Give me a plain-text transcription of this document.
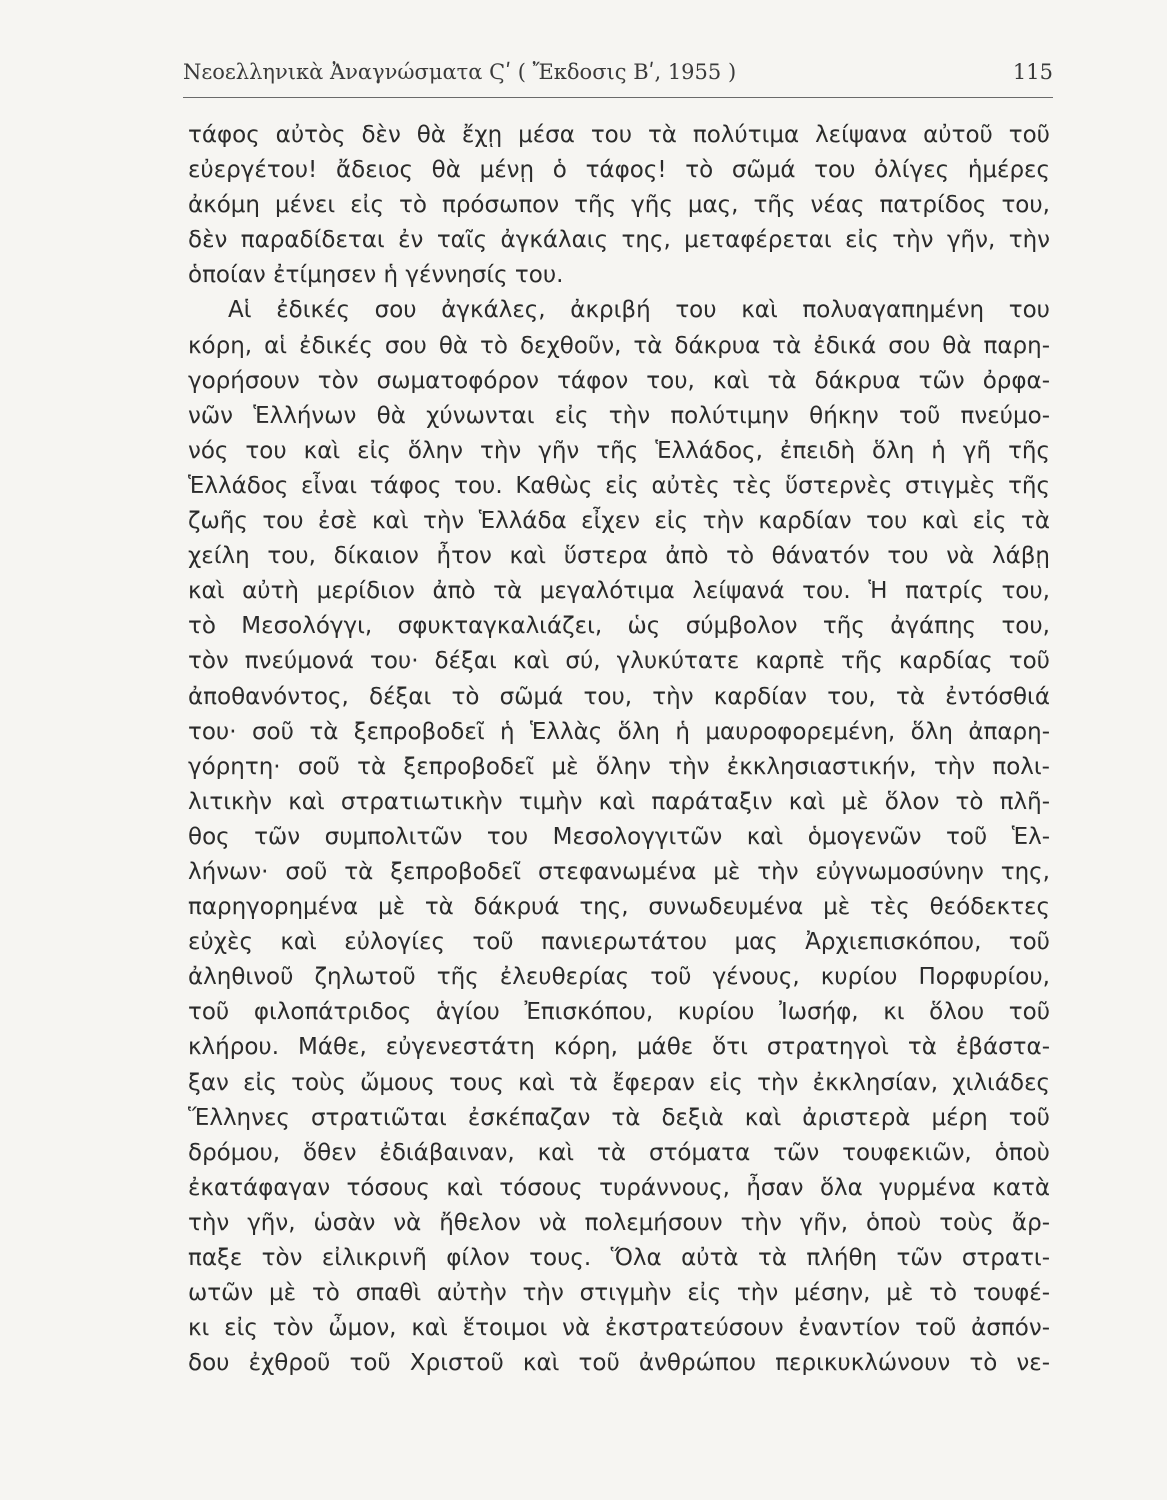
Νεοελληνικὰ Ἀναγνώσματα Ϛʹ ( Ἔκδοσις Βʹ, 1955 )	115
τάφος αὐτὸς δὲν θὰ ἔχῃ μέσα του τὰ πολύτιμα λείψανα αὐτοῦ τοῦ
εὐεργέτου! ἄδειος θὰ μένῃ ὁ τάφος! τὸ σῶμά του ὀλίγες ἡμέρες
ἀκόμη μένει εἰς τὸ πρόσωπον τῆς γῆς μας, τῆς νέας πατρίδος του,
δὲν παραδίδεται ἐν ταῖς ἀγκάλαις της, μεταφέρεται εἰς τὴν γῆν, τὴν
ὁποίαν ἐτίμησεν ἡ γέννησίς του.
Αἱ ἐδικές σου ἀγκάλες, ἀκριβή του καὶ πολυαγαπημένη του
κόρη, αἱ ἐδικές σου θὰ τὸ δεχθοῦν, τὰ δάκρυα τὰ ἐδικά σου θὰ παρη-
γορήσουν τὸν σωματοφόρον τάφον του, καὶ τὰ δάκρυα τῶν ὀρφα-
νῶν Ἑλλήνων θὰ χύνωνται εἰς τὴν πολύτιμην θήκην τοῦ πνεύμο-
νός του καὶ εἰς ὅλην τὴν γῆν τῆς Ἑλλάδος, ἐπειδὴ ὅλη ἡ γῆ τῆς
Ἑλλάδος εἶναι τάφος του. Καθὼς εἰς αὐτὲς τὲς ὕστερνὲς στιγμὲς τῆς
ζωῆς του ἐσὲ καὶ τὴν Ἑλλάδα εἶχεν εἰς τὴν καρδίαν του καὶ εἰς τὰ
χείλη του, δίκαιον ἦτον καὶ ὕστερα ἀπὸ τὸ θάνατόν του νὰ λάβῃ
καὶ αὐτὴ μερίδιον ἀπὸ τὰ μεγαλότιμα λείψανά του. Ἡ πατρίς του,
τὸ Μεσολόγγι, σφυκταγκαλιάζει, ὡς σύμβολον τῆς ἀγάπης του,
τὸν πνεύμονά του· δέξαι καὶ σύ, γλυκύτατε καρπὲ τῆς καρδίας τοῦ
ἀποθανόντος, δέξαι τὸ σῶμά του, τὴν καρδίαν του, τὰ ἐντόσθιά
του· σοῦ τὰ ξεπροβοδεῖ ἡ Ἑλλὰς ὅλη ἡ μαυροφορεμένη, ὅλη ἀπαρη-
γόρητη· σοῦ τὰ ξεπροβοδεῖ μὲ ὅλην τὴν ἐκκλησιαστικήν, τὴν πολι-
λιτικὴν καὶ στρατιωτικὴν τιμὴν καὶ παράταξιν καὶ μὲ ὅλον τὸ πλῆ-
θος τῶν συμπολιτῶν του Μεσολογγιτῶν καὶ ὁμογενῶν τοῦ Ἑλ-
λήνων· σοῦ τὰ ξεπροβοδεῖ στεφανωμένα μὲ τὴν εὐγνωμοσύνην της,
παρηγορημένα μὲ τὰ δάκρυά της, συνωδευμένα μὲ τὲς θεόδεκτες
εὐχὲς καὶ εὐλογίες τοῦ πανιερωτάτου μας Ἀρχιεπισκόπου, τοῦ
ἀληθινοῦ ζηλωτοῦ τῆς ἐλευθερίας τοῦ γένους, κυρίου Πορφυρίου,
τοῦ φιλοπάτριδος ἁγίου Ἐπισκόπου, κυρίου Ἰωσήφ, κι ὅλου τοῦ
κλήρου. Μάθε, εὐγενεστάτη κόρη, μάθε ὅτι στρατηγοὶ τὰ ἐβάστα-
ξαν εἰς τοὺς ὤμους τους καὶ τὰ ἔφεραν εἰς τὴν ἐκκλησίαν, χιλιάδες
Ἕλληνες στρατιῶται ἐσκέπαζαν τὰ δεξιὰ καὶ ἀριστερὰ μέρη τοῦ
δρόμου, ὅθεν ἐδιάβαιναν, καὶ τὰ στόματα τῶν τουφεκιῶν, ὁποὺ
ἐκατάφαγαν τόσους καὶ τόσους τυράννους, ἦσαν ὅλα γυρμένα κατὰ
τὴν γῆν, ὡσὰν νὰ ἤθελον νὰ πολεμήσουν τὴν γῆν, ὁποὺ τοὺς ἄρ-
παξε τὸν εἰλικρινῆ φίλον τους. Ὅλα αὐτὰ τὰ πλήθη τῶν στρατι-
ωτῶν μὲ τὸ σπαθὶ αὐτὴν τὴν στιγμὴν εἰς τὴν μέσην, μὲ τὸ τουφέ-
κι εἰς τὸν ὦμον, καὶ ἕτοιμοι νὰ ἐκστρατεύσουν ἐναντίον τοῦ ἀσπόν-
δου ἐχθροῦ τοῦ Χριστοῦ καὶ τοῦ ἀνθρώπου περικυκλώνουν τὸ νε-
